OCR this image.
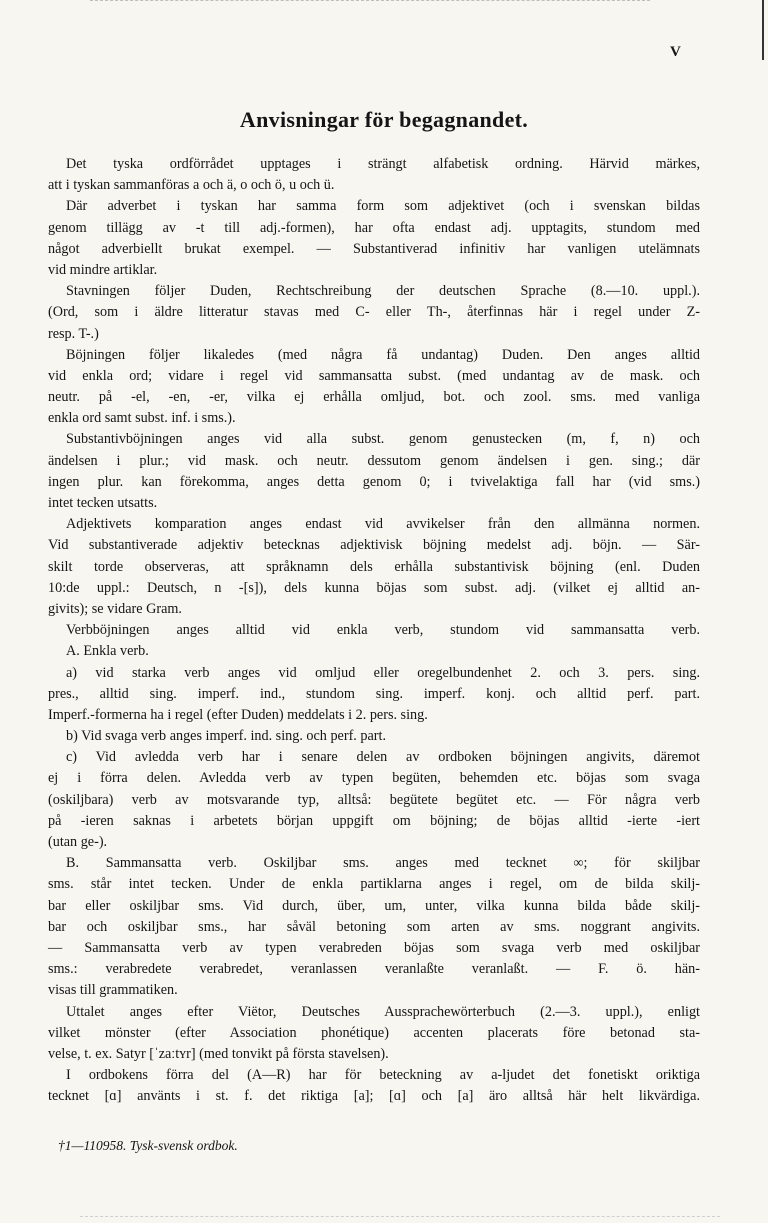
V
Anvisningar för begagnandet.
Det tyska ordförrådet upptages i strängt alfabetisk ordning. Härvid märkes,
att i tyskan sammanföras a och ä, o och ö, u och ü.
Där adverbet i tyskan har samma form som adjektivet (och i svenskan bildas
genom tillägg av -t till adj.-formen), har ofta endast adj. upptagits, stundom med
något adverbiellt brukat exempel. — Substantiverad infinitiv har vanligen utelämnats
vid mindre artiklar.
Stavningen följer Duden, Rechtschreibung der deutschen Sprache (8.—10. uppl.).
(Ord, som i äldre litteratur stavas med C- eller Th-, återfinnas här i regel under Z-
resp. T-.)
Böjningen följer likaledes (med några få undantag) Duden. Den anges alltid
vid enkla ord; vidare i regel vid sammansatta subst. (med undantag av de mask. och
neutr. på -el, -en, -er, vilka ej erhålla omljud, bot. och zool. sms. med vanliga
enkla ord samt subst. inf. i sms.).
Substantivböjningen anges vid alla subst. genom genustecken (m, f, n) och
ändelsen i plur.; vid mask. och neutr. dessutom genom ändelsen i gen. sing.; där
ingen plur. kan förekomma, anges detta genom 0; i tvivelaktiga fall har (vid sms.)
intet tecken utsatts.
Adjektivets komparation anges endast vid avvikelser från den allmänna normen.
Vid substantiverade adjektiv betecknas adjektivisk böjning medelst adj. böjn. — Sär-
skilt torde observeras, att språknamn dels erhålla substantivisk böjning (enl. Duden
10:de uppl.: Deutsch, n -[s]), dels kunna böjas som subst. adj. (vilket ej alltid an-
givits); se vidare Gram.
Verbböjningen anges alltid vid enkla verb, stundom vid sammansatta verb.
A. Enkla verb.
a) vid starka verb anges vid omljud eller oregelbundenhet 2. och 3. pers. sing.
pres., alltid sing. imperf. ind., stundom sing. imperf. konj. och alltid perf. part.
Imperf.-formerna ha i regel (efter Duden) meddelats i 2. pers. sing.
b) Vid svaga verb anges imperf. ind. sing. och perf. part.
c) Vid avledda verb har i senare delen av ordboken böjningen angivits, däremot
ej i förra delen. Avledda verb av typen begüten, behemden etc. böjas som svaga
(oskiljbara) verb av motsvarande typ, alltså: begütete begütet etc. — För några verb
på -ieren saknas i arbetets början uppgift om böjning; de böjas alltid -ierte -iert
(utan ge-).
B. Sammansatta verb. Oskiljbar sms. anges med tecknet ∞; för skiljbar
sms. står intet tecken. Under de enkla partiklarna anges i regel, om de bilda skilj-
bar eller oskiljbar sms. Vid durch, über, um, unter, vilka kunna bilda både skilj-
bar och oskiljbar sms., har såväl betoning som arten av sms. noggrant angivits.
— Sammansatta verb av typen verabreden böjas som svaga verb med oskiljbar
sms.: verabredete verabredet, veranlassen veranlaßte veranlaßt. — F. ö. hän-
visas till grammatiken.
Uttalet anges efter Viëtor, Deutsches Aussprachewörterbuch (2.—3. uppl.), enligt
vilket mönster (efter Association phonétique) accenten placerats före betonad sta-
velse, t. ex. Satyr [ˈzaːtʏr] (med tonvikt på första stavelsen).
I ordbokens förra del (A—R) har för beteckning av a-ljudet det fonetiskt oriktiga
tecknet [ɑ] använts i st. f. det riktiga [a]; [ɑ] och [a] äro alltså här helt likvärdiga.
†1—110958. Tysk-svensk ordbok.
